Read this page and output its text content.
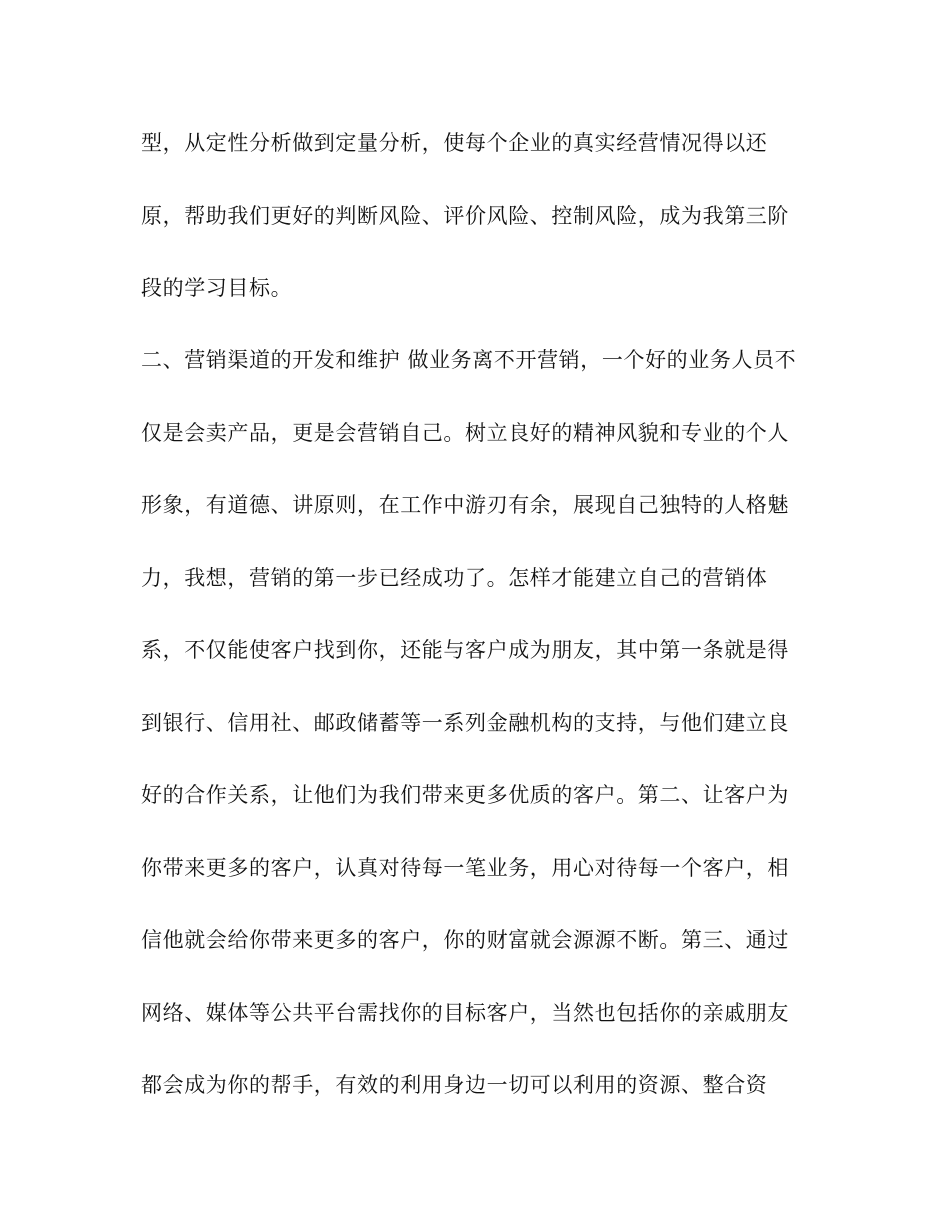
型，从定性分析做到定量分析，使每个企业的真实经营情况得以还
原，帮助我们更好的判断风险、评价风险、控制风险，成为我第三阶
段的学习目标。
二、营销渠道的开发和维护 做业务离不开营销，一个好的业务人员不
仅是会卖产品，更是会营销自己。树立良好的精神风貌和专业的个人
形象，有道德、讲原则，在工作中游刃有余，展现自己独特的人格魅
力，我想，营销的第一步已经成功了。怎样才能建立自己的营销体
系，不仅能使客户找到你，还能与客户成为朋友，其中第一条就是得
到银行、信用社、邮政储蓄等一系列金融机构的支持，与他们建立良
好的合作关系，让他们为我们带来更多优质的客户。第二、让客户为
你带来更多的客户，认真对待每一笔业务，用心对待每一个客户，相
信他就会给你带来更多的客户，你的财富就会源源不断。第三、通过
网络、媒体等公共平台需找你的目标客户，当然也包括你的亲戚朋友
都会成为你的帮手，有效的利用身边一切可以利用的资源、整合资
